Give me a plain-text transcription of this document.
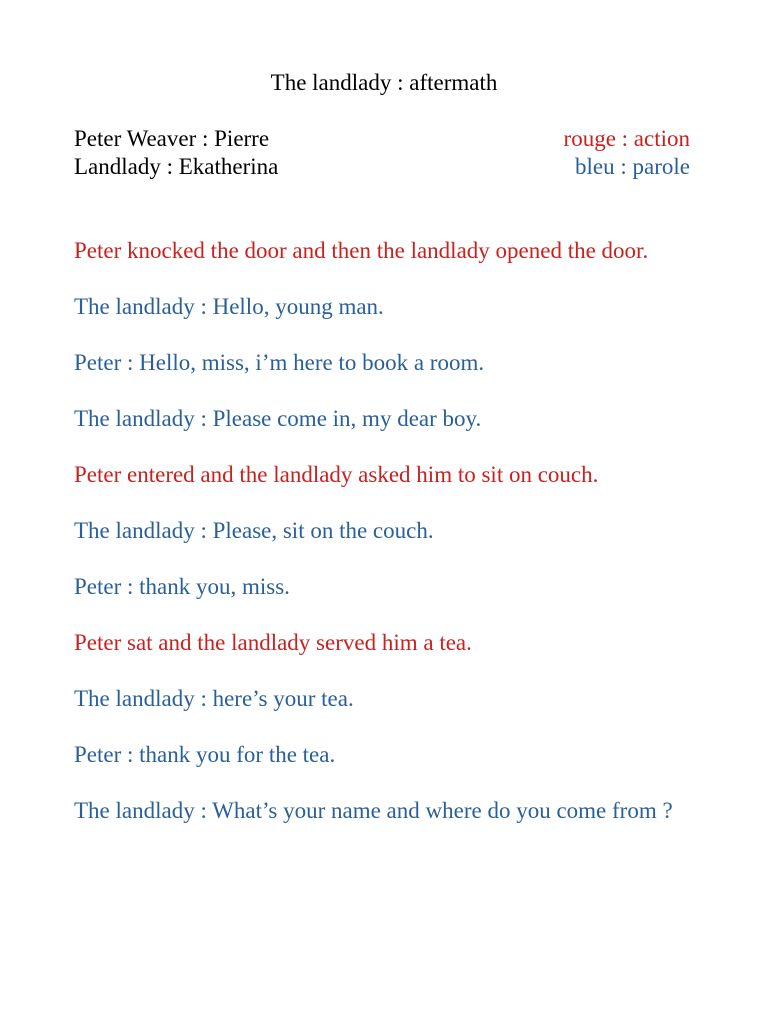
The landlady : aftermath
Peter Weaver : Pierre	rouge : action
Landlady : Ekatherina	bleu : parole

Peter knocked the door and then the landlady opened the door.

The landlady : Hello, young man.

Peter : Hello, miss, i’m here to book a room.

The landlady : Please come in, my dear boy.

Peter entered and the landlady asked him to sit on couch.

The landlady : Please, sit on the couch.

Peter : thank you, miss.

Peter sat and the landlady served him a tea.

The landlady : here’s your tea.

Peter : thank you for the tea.

The landlady : What’s your name and where do you come from ?
